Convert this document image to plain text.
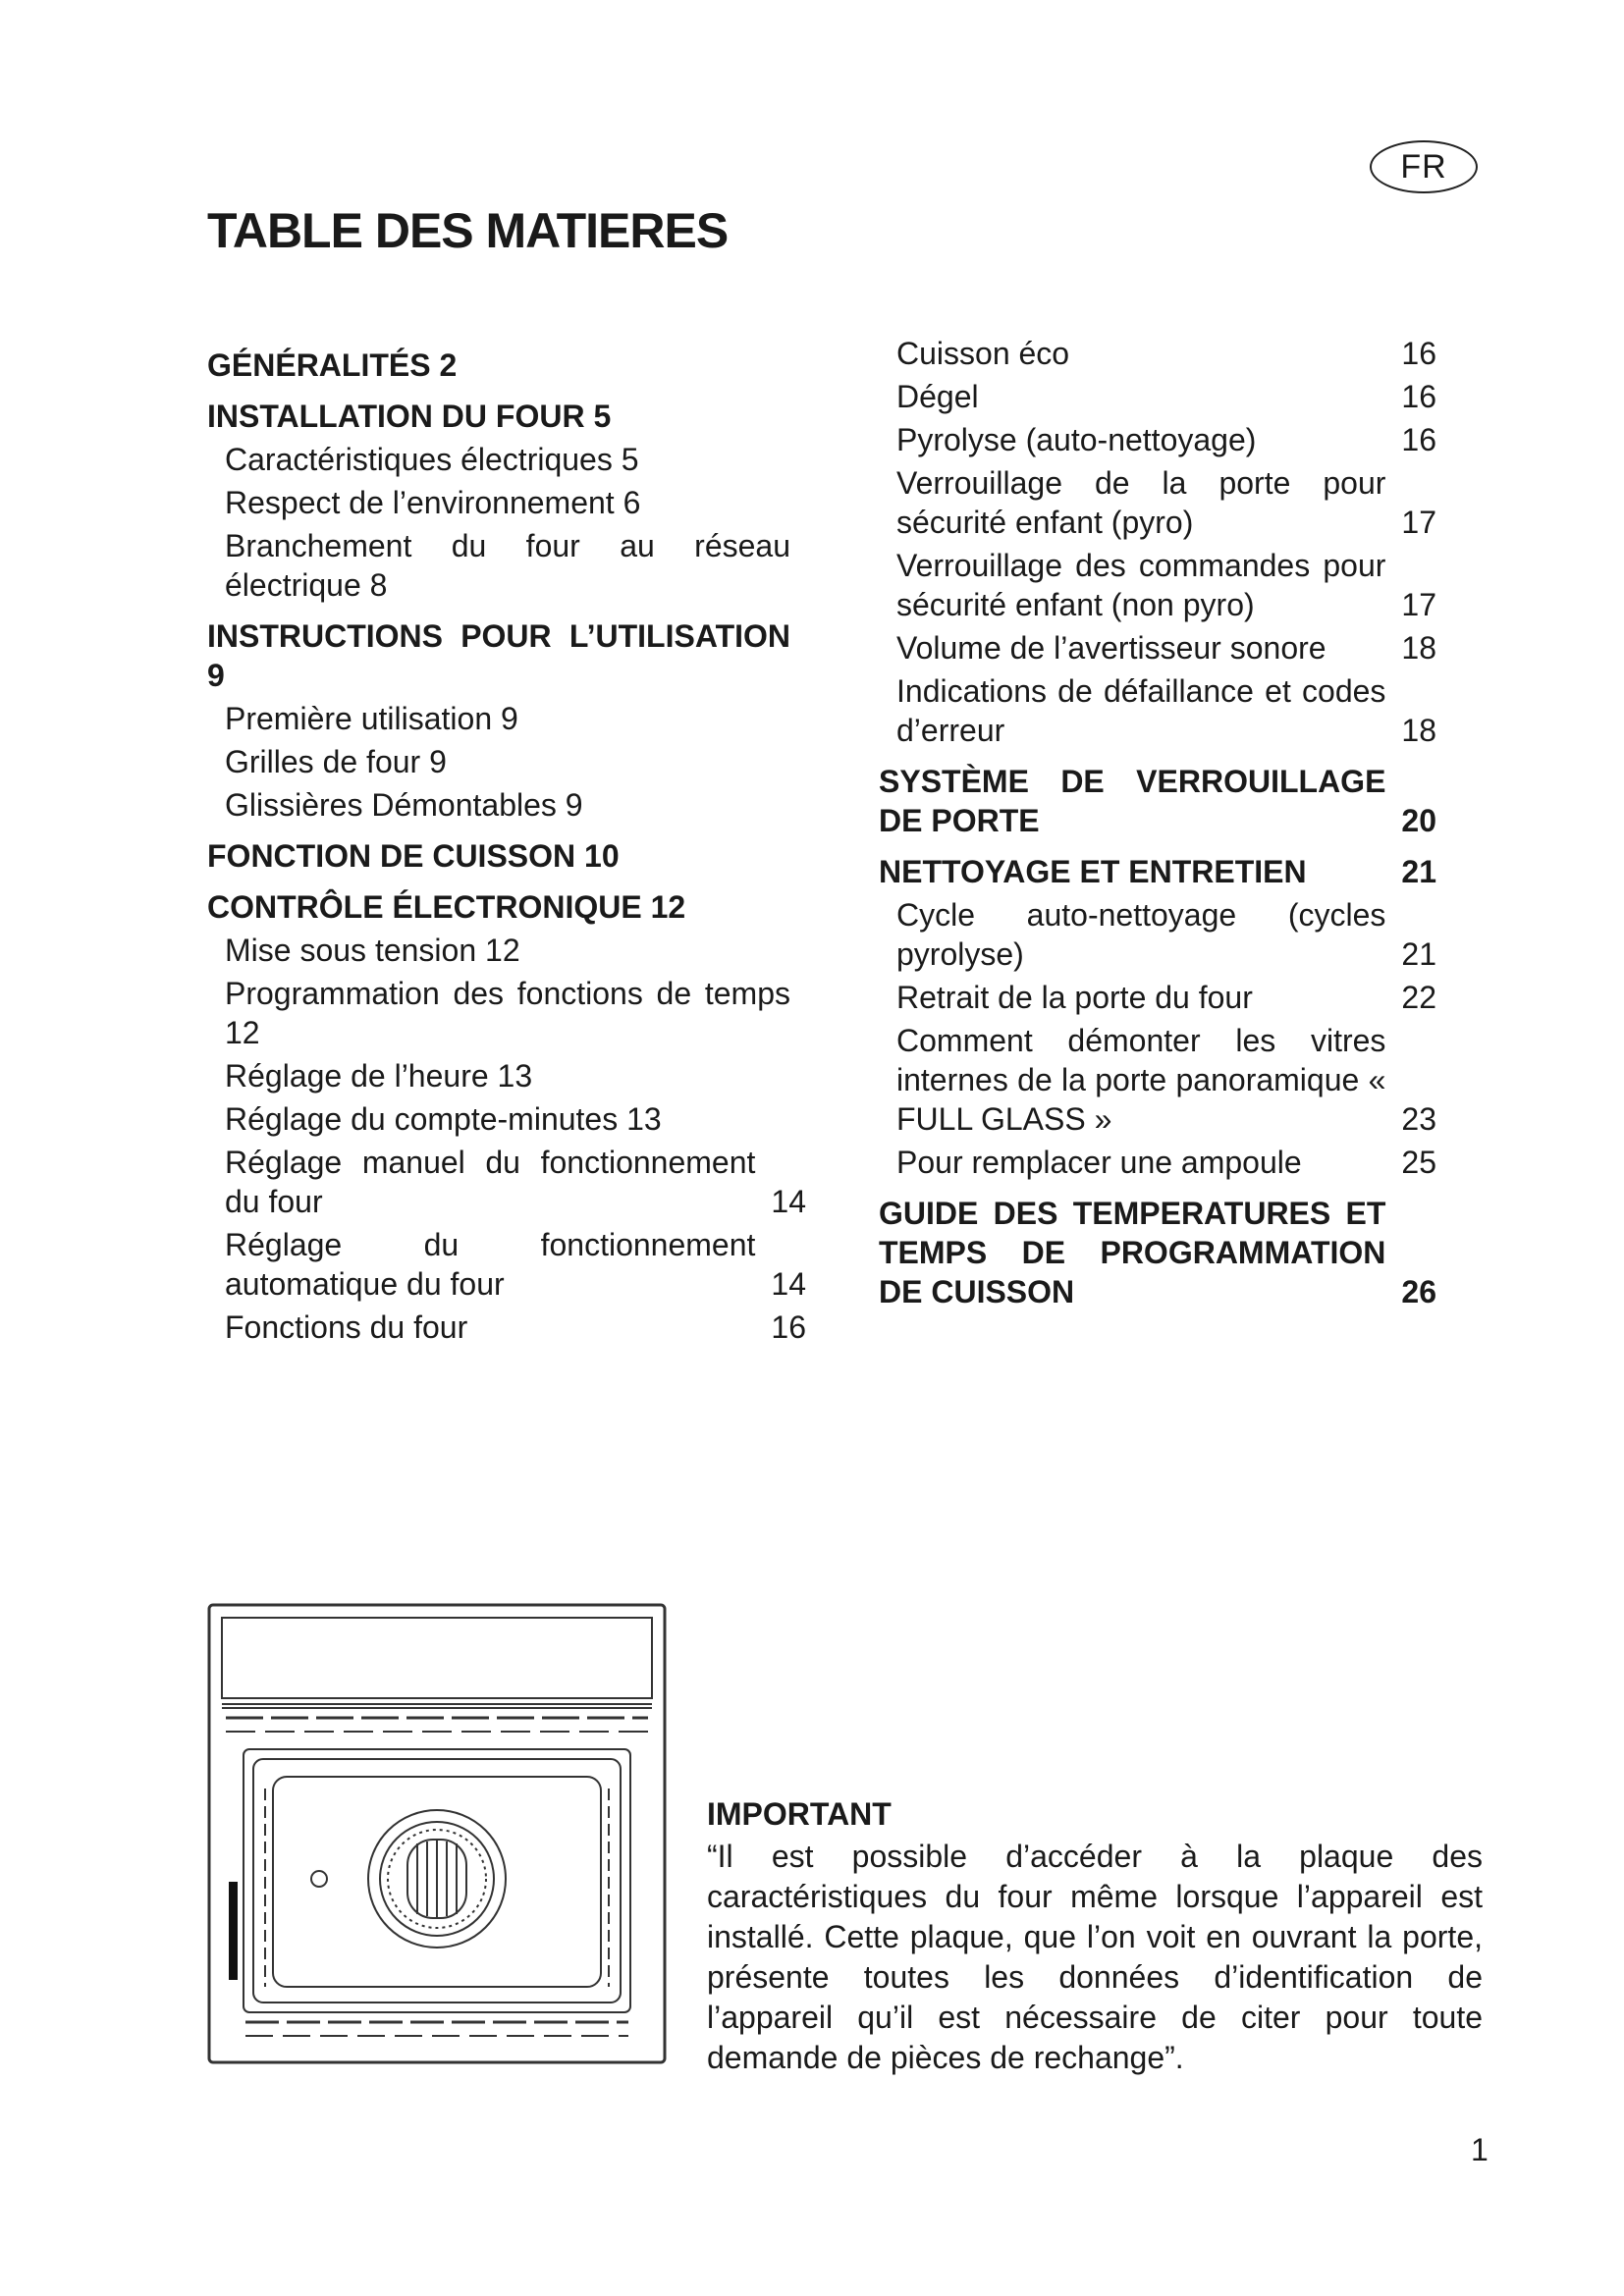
FR
TABLE DES MATIERES
GÉNÉRALITÉS 2
INSTALLATION DU FOUR 5
Caractéristiques électriques 5
Respect de l’environnement 6
Branchement du four au réseau électrique 8
INSTRUCTIONS POUR L’UTILISATION 9
Première utilisation 9
Grilles de four 9
Glissières Démontables 9
FONCTION DE CUISSON 10
CONTRÔLE ÉLECTRONIQUE 12
Mise sous tension 12
Programmation des fonctions de temps 12
Réglage de l’heure 13
Réglage du compte-minutes 13
Réglage manuel du fonctionnement du four	14
Réglage du fonctionnement automatique du four	14
Fonctions du four	16
Cuisson éco	16
Dégel	16
Pyrolyse (auto-nettoyage)	16
Verrouillage de la porte pour sécurité enfant (pyro)	17
Verrouillage des commandes pour sécurité enfant (non pyro)	17
Volume de l’avertisseur sonore	18
Indications de défaillance et codes d’erreur	18
SYSTÈME DE VERROUILLAGE DE PORTE	20
NETTOYAGE ET ENTRETIEN	21
Cycle auto-nettoyage (cycles pyrolyse)	21
Retrait de la porte du four	22
Comment démonter les vitres internes de la porte panoramique « FULL GLASS »	23
Pour remplacer une ampoule	25
GUIDE DES TEMPERATURES ET TEMPS DE PROGRAMMATION DE CUISSON	26

IMPORTANT

“Il est possible d’accéder à la plaque des caractéristiques du four même lorsque l’appareil est installé. Cette plaque, que l’on voit en ouvrant la porte, présente toutes les données d’identification de l’appareil qu’il est nécessaire de citer pour toute demande de pièces de rechange”.

1
